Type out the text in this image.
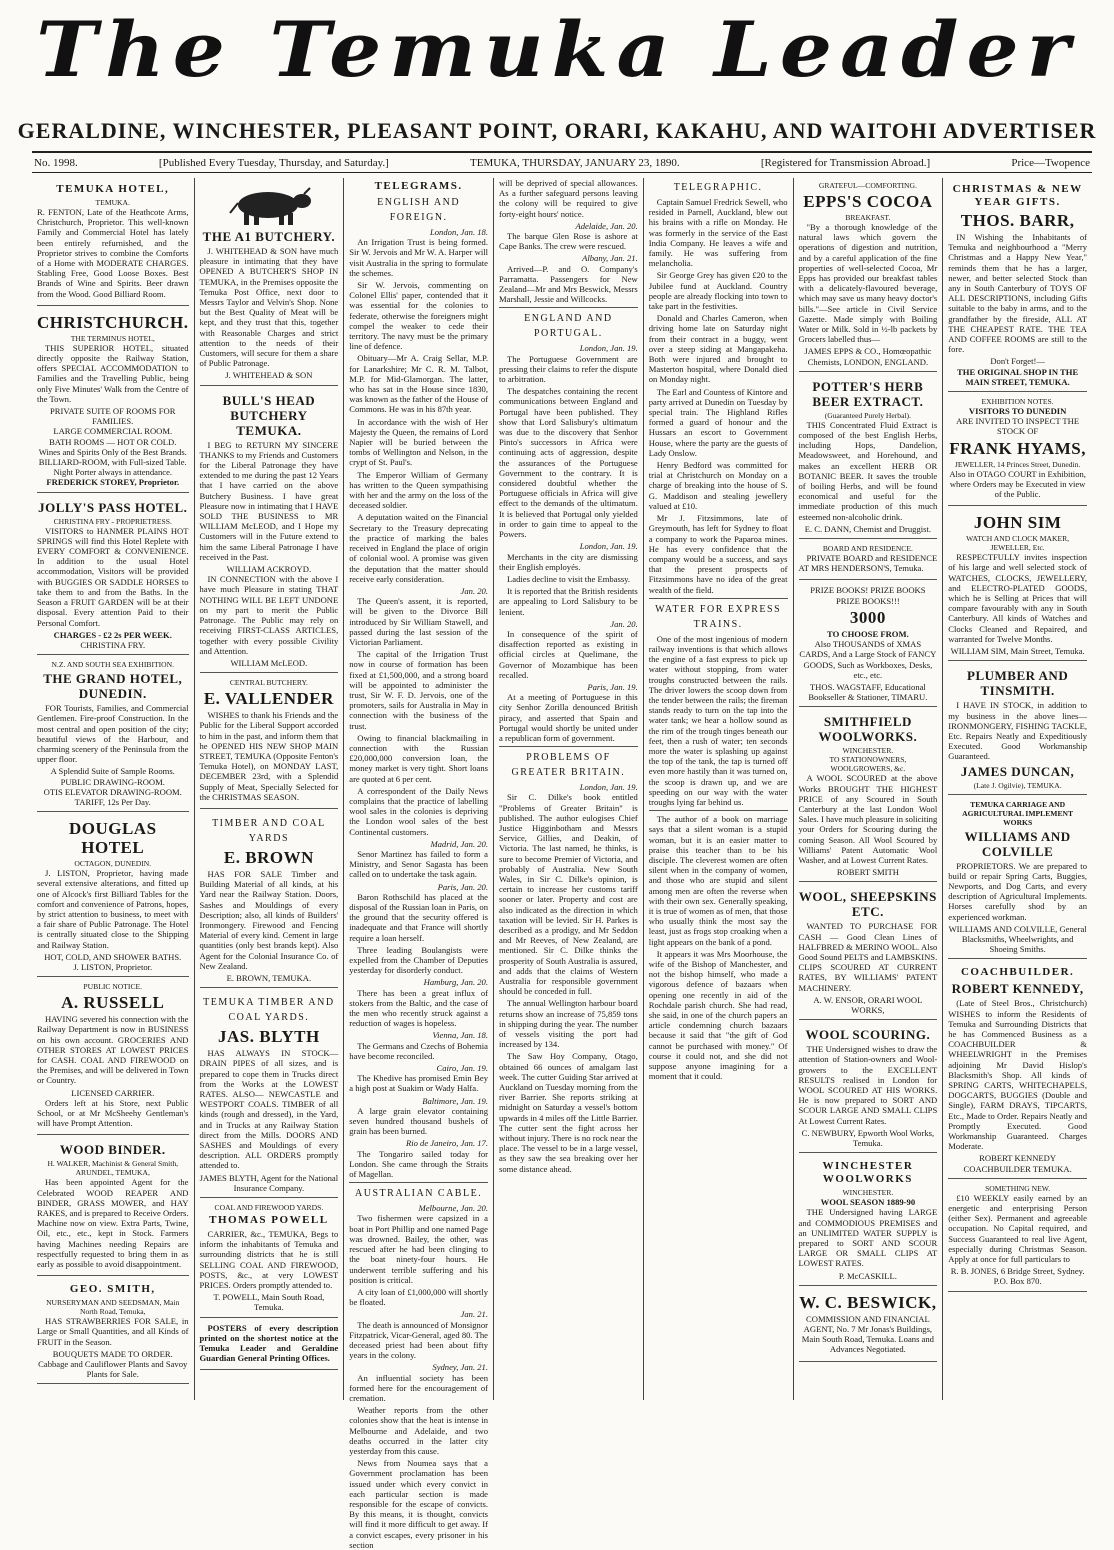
The Temuka Leader
GERALDINE, WINCHESTER, PLEASANT POINT, ORARI, KAKAHU, AND WAITOHI ADVERTISER
No. 1998.	[Published Every Tuesday, Thursday, and Saturday.]	TEMUKA, THURSDAY, JANUARY 23, 1890.	[Registered for Transmission Abroad.]	Price—Twopence
TEMUKA HOTEL,
TEMUKA.

R. FENTON, Late of the Heathcote Arms, Christchurch, Proprietor. This well-known Family and Commercial Hotel has lately been entirely refurnished, and the Proprietor strives to combine the Comforts of a Home with MODERATE CHARGES. Stabling Free, Good Loose Boxes. Best Brands of Wine and Spirits. Beer drawn from the Wood. Good Billiard Room.

CHRISTCHURCH.
THE TERMINUS HOTEL,

THIS SUPERIOR HOTEL, situated directly opposite the Railway Station, offers SPECIAL ACCOMMODATION to Families and the Travelling Public, being only Five Minutes' Walk from the Centre of the Town.

PRIVATE SUITE OF ROOMS FOR FAMILIES.
LARGE COMMERCIAL ROOM.
BATH ROOMS — HOT OR COLD.
Wines and Spirits Only of the Best Brands.
BILLIARD-ROOM, with Full-sized Table. Night Porter always in attendance.
FREDERICK STOREY, Proprietor.
JOLLY'S PASS HOTEL.
CHRISTINA FRY - PROPRIETRESS.

VISITORS to HANMER PLAINS HOT SPRINGS will find this Hotel Replete with EVERY COMFORT & CONVENIENCE. In addition to the usual Hotel accommodation, Visitors will be provided with BUGGIES OR SADDLE HORSES to take them to and from the Baths. In the Season a FRUIT GARDEN will be at their disposal. Every attention Paid to their Personal Comfort.

CHARGES - £2 2s PER WEEK.
CHRISTINA FRY.
N.Z. AND SOUTH SEA EXHIBITION.
THE GRAND HOTEL, DUNEDIN.

FOR Tourists, Families, and Commercial Gentlemen. Fire-proof Construction. In the most central and open position of the city; beautiful views of the Harbour, and charming scenery of the Peninsula from the upper floor.

A Splendid Suite of Sample Rooms.
PUBLIC DRAWING-ROOM.
OTIS ELEVATOR DRAWING-ROOM.
TARIFF, 12s Per Day.
DOUGLAS HOTEL
OCTAGON, DUNEDIN.

J. LISTON, Proprietor, having made several extensive alterations, and fitted up one of Alcock's first Billiard Tables for the comfort and convenience of Patrons, hopes, by strict attention to business, to meet with a fair share of Public Patronage. The Hotel is centrally situated close to the Shipping and Railway Station.

HOT, COLD, AND SHOWER BATHS.
J. LISTON, Proprietor.
PUBLIC NOTICE.
A. RUSSELL

HAVING severed his connection with the Railway Department is now in BUSINESS on his own account. GROCERIES AND OTHER STORES AT LOWEST PRICES for CASH. COAL AND FIREWOOD on the Premises, and will be delivered in Town or Country.

LICENSED CARRIER.

Orders left at his Store, next Public School, or at Mr McSheehy Gentleman's will have Prompt Attention.

WOOD BINDER.
H. WALKER, Machinist & General Smith, ARUNDEL, TEMUKA,

Has been appointed Agent for the Celebrated WOOD REAPER AND BINDER, GRASS MOWER, and HAY RAKES, and is prepared to Receive Orders. Machine now on view. Extra Parts, Twine, Oil, etc., etc., kept in Stock. Farmers having Machines needing Repairs are respectfully requested to bring them in as early as possible to avoid disappointment.

GEO. SMITH,
NURSERYMAN AND SEEDSMAN, Main North Road, Temuka,

HAS STRAWBERRIES FOR SALE, in Large or Small Quantities, and all Kinds of FRUIT in the Season.

BOUQUETS MADE TO ORDER.
Cabbage and Cauliflower Plants and Savoy Plants for Sale.
THE A1 BUTCHERY.

J. WHITEHEAD & SON have much pleasure in intimating that they have OPENED A BUTCHER'S SHOP IN TEMUKA, in the Premises opposite the Temuka Post Office, next door to Messrs Taylor and Velvin's Shop. None but the Best Quality of Meat will be kept, and they trust that this, together with Reasonable Charges and strict attention to the needs of their Customers, will secure for them a share of Public Patronage.

J. WHITEHEAD & SON
BULL'S HEAD BUTCHERY TEMUKA.

I BEG to RETURN MY SINCERE THANKS to my Friends and Customers for the Liberal Patronage they have extended to me during the past 12 Years that I have carried on the above Butchery Business. I have great Pleasure now in intimating that I HAVE SOLD THE BUSINESS to MR WILLIAM McLEOD, and I Hope my Customers will in the Future extend to him the same Liberal Patronage I have received in the Past.

WILLIAM ACKROYD.

IN CONNECTION with the above I have much Pleasure in stating THAT NOTHING WILL BE LEFT UNDONE on my part to merit the Public Patronage. The Public may rely on receiving FIRST-CLASS ARTICLES, together with every possible Civility and Attention.

WILLIAM McLEOD.
CENTRAL BUTCHERY.
E. VALLENDER

WISHES to thank his Friends and the Public for the Liberal Support accorded to him in the past, and inform them that he OPENED HIS NEW SHOP MAIN STREET, TEMUKA (Opposite Fenton's Temuka Hotel), on MONDAY LAST, DECEMBER 23rd, with a Splendid Supply of Meat, Specially Selected for the CHRISTMAS SEASON.

TIMBER AND COAL YARDS
E. BROWN

HAS FOR SALE Timber and Building Material of all kinds, at his Yard near the Railway Station. Doors, Sashes and Mouldings of every Description; also, all kinds of Builders' Ironmongery. Firewood and Fencing Material of every kind. Cement in large quantities (only best brands kept). Also Agent for the Colonial Insurance Co. of New Zealand.

E. BROWN, TEMUKA.
TEMUKA TIMBER AND COAL YARDS.
JAS. BLYTH

HAS ALWAYS IN STOCK— DRAIN PIPES of all sizes, and is prepared to cope them in Trucks direct from the Works at the LOWEST RATES. ALSO— NEWCASTLE and WESTPORT COALS. TIMBER of all kinds (rough and dressed), in the Yard, and in Trucks at any Railway Station direct from the Mills. DOORS AND SASHES and Mouldings of every description. ALL ORDERS promptly attended to.

JAMES BLYTH, Agent for the National Insurance Company.
COAL AND FIREWOOD YARDS.
THOMAS POWELL

CARRIER, &c., TEMUKA, Begs to inform the inhabitants of Temuka and surrounding districts that he is still SELLING COAL AND FIREWOOD, POSTS, &c., at very LOWEST PRICES. Orders promptly attended to.

T. POWELL, Main South Road, Temuka.

POSTERS of every description printed on the shortest notice at the Temuka Leader and Geraldine Guardian General Printing Offices.

TELEGRAMS.
ENGLISH AND FOREIGN.
London, Jan. 18.

An Irrigation Trust is being formed. Sir W. Jervois and Mr W. A. Harper will visit Australia in the spring to formulate the schemes.

Sir W. Jervois, commenting on Colonel Ellis' paper, contended that it was essential for the colonies to federate, otherwise the foreigners might compel the weaker to cede their territory. The navy must be the primary line of defence.

Obituary—Mr A. Craig Sellar, M.P. for Lanarkshire; Mr C. R. M. Talbot, M.P. for Mid-Glamorgan. The latter, who has sat in the House since 1830, was known as the father of the House of Commons. He was in his 87th year.

In accordance with the wish of Her Majesty the Queen, the remains of Lord Napier will be buried between the tombs of Wellington and Nelson, in the crypt of St. Paul's.

The Emperor William of Germany has written to the Queen sympathising with her and the army on the loss of the deceased soldier.

A deputation waited on the Financial Secretary to the Treasury deprecating the practice of marking the bales received in England the place of origin of colonial wool. A promise was given the deputation that the matter should receive early consideration.

Jan. 20.

The Queen's assent, it is reported, will be given to the Divorce Bill introduced by Sir William Stawell, and passed during the last session of the Victorian Parliament.

The capital of the Irrigation Trust now in course of formation has been fixed at £1,500,000, and a strong board will be appointed to administer the trust, Sir W. F. D. Jervois, one of the promoters, sails for Australia in May in connection with the business of the trust.

Owing to financial blackmailing in connection with the Russian £20,000,000 conversion loan, the money market is very tight. Short loans are quoted at 6 per cent.

A correspondent of the Daily News complains that the practice of labelling wool sales in the colonies is depriving the London wool sales of the best Continental customers.

Madrid, Jan. 20.

Senor Martinez has failed to form a Ministry, and Senor Sagasta has been called on to undertake the task again.

Paris, Jan. 20.

Baron Rothschild has placed at the disposal of the Russian loan in Paris, on the ground that the security offered is inadequate and that France will shortly require a loan herself.

Three leading Boulangists were expelled from the Chamber of Deputies yesterday for disorderly conduct.

Hamburg, Jan. 20.

There has been a great influx of stokers from the Baltic, and the case of the men who recently struck against a reduction of wages is hopeless.

Vienna, Jan. 18.

The Germans and Czechs of Bohemia have become reconciled.

Cairo, Jan. 19.

The Khedive has promised Emin Bey a high post at Suakim or Wady Halfa.

Baltimore, Jan. 19.

A large grain elevator containing seven hundred thousand bushels of grain has been burned.

Rio de Janeiro, Jan. 17.

The Tongariro sailed today for London. She came through the Straits of Magellan.

AUSTRALIAN CABLE.
Melbourne, Jan. 20.

Two fishermen were capsized in a boat in Port Phillip and one named Page was drowned. Bailey, the other, was rescued after he had been clinging to the boat ninety-four hours. He underwent terrible suffering and his position is critical.

A city loan of £1,000,000 will shortly be floated.

Jan. 21.

The death is announced of Monsignor Fitzpatrick, Vicar-General, aged 80. The deceased priest had been about fifty years in the colony.

Sydney, Jan. 21.

An influential society has been formed here for the encouragement of cremation.

Weather reports from the other colonies show that the heat is intense in Melbourne and Adelaide, and two deaths occurred in the latter city yesterday from this cause.

News from Noumea says that a Government proclamation has been issued under which every convict in each particular section is made responsible for the escape of convicts. By this means, it is thought, convicts will find it more difficult to get away. If a convict escapes, every prisoner in his section

will be deprived of special allowances. As a further safeguard persons leaving the colony will be required to give forty-eight hours' notice.

Adelaide, Jan. 20.

The barque Glen Rose is ashore at Cape Banks. The crew were rescued.

Albany, Jan. 21.

Arrived—P. and O. Company's Parramatta. Passengers for New Zealand—Mr and Mrs Beswick, Messrs Marshall, Jessie and Willcocks.

ENGLAND AND PORTUGAL.
London, Jan. 19.

The Portuguese Government are pressing their claims to refer the dispute to arbitration.

The despatches containing the recent communications between England and Portugal have been published. They show that Lord Salisbury's ultimatum was due to the discovery that Senhor Pinto's successors in Africa were continuing acts of aggression, despite the assurances of the Portuguese Government to the contrary. It is considered doubtful whether the Portuguese officials in Africa will give effect to the demands of the ultimatum. It is believed that Portugal only yielded in order to gain time to appeal to the Powers.

London, Jan. 19.

Merchants in the city are dismissing their English employés.

Ladies decline to visit the Embassy.

It is reported that the British residents are appealing to Lord Salisbury to be lenient.

Jan. 20.

In consequence of the spirit of disaffection reported as existing in official circles at Quelimane, the Governor of Mozambique has been recalled.

Paris, Jan. 19.

At a meeting of Portuguese in this city Senhor Zorilla denounced British piracy, and asserted that Spain and Portugal would shortly be united under a republican form of government.

PROBLEMS OF GREATER BRITAIN.
London, Jan. 19.

Sir C. Dilke's book entitled "Problems of Greater Britain" is published. The author eulogises Chief Justice Higginbotham and Messrs Service, Gillies, and Deakin, of Victoria. The last named, he thinks, is sure to become Premier of Victoria, and probably of Australia. New South Wales, in Sir C. Dilke's opinion, is certain to increase her customs tariff sooner or later. Property and cost are also indicated as the direction in which taxation will be levied. Sir H. Parkes is described as a prodigy, and Mr Seddon and Mr Reeves, of New Zealand, are mentioned. Sir C. Dilke thinks the prosperity of South Australia is assured, and adds that the claims of Western Australia for responsible government should be conceded in full.

The annual Wellington harbour board returns show an increase of 75,859 tons in shipping during the year. The number of vessels visiting the port had increased by 134.

The Saw Hoy Company, Otago, obtained 66 ounces of amalgam last week. The cutter Guiding Star arrived at Auckland on Tuesday morning from the river Barrier. She reports striking at midnight on Saturday a vessel's bottom upwards in 4 miles off the Little Barrier. The cutter sent the fight across her without injury. There is no rock near the place. The vessel to be in a large vessel, as they saw the sea breaking over her some distance ahead.

TELEGRAPHIC.

Captain Samuel Fredrick Sewell, who resided in Parnell, Auckland, blew out his brains with a rifle on Monday. He was formerly in the service of the East India Company. He leaves a wife and family. He was suffering from melancholia.

Sir George Grey has given £20 to the Jubilee fund at Auckland. Country people are already flocking into town to take part in the festivities.

Donald and Charles Cameron, when driving home late on Saturday night from their contract in a buggy, went over a steep siding at Mangapakeha. Both were injured and brought to Masterton hospital, where Donald died on Monday night.

The Earl and Countess of Kintore and party arrived at Dunedin on Tuesday by special train. The Highland Rifles formed a guard of honour and the Hussars an escort to Government House, where the party are the guests of Lady Onslow.

Henry Bedford was committed for trial at Christchurch on Monday on a charge of breaking into the house of S. G. Maddison and stealing jewellery valued at £10.

Mr J. Fitzsimmons, late of Greymouth, has left for Sydney to float a company to work the Paparoa mines. He has every confidence that the company would be a success, and says that the present prospects of Fitzsimmons have no idea of the great wealth of the field.

WATER FOR EXPRESS TRAINS.

One of the most ingenious of modern railway inventions is that which allows the engine of a fast express to pick up water without stopping, from water troughs constructed between the rails. The driver lowers the scoop down from the tender between the rails; the fireman stands ready to turn on the tap into the water tank; we hear a hollow sound as the rim of the trough tinges beneath our feet, then a rush of water; ten seconds more the water is splashing up against the top of the tank, the tap is turned off even more hastily than it was turned on, the scoop is drawn up, and we are speeding on our way with the water troughs lying far behind us.

The author of a book on marriage says that a silent woman is a stupid woman, but it is an easier matter to praise this teacher than to be his disciple. The cleverest women are often silent when in the company of women, and those who are stupid and silent among men are often the reverse when with their own sex. Generally speaking, it is true of women as of men, that those who usually think the most say the least, just as frogs stop croaking when a light appears on the bank of a pond.

It appears it was Mrs Moorhouse, the wife of the Bishop of Manchester, and not the bishop himself, who made a vigorous defence of bazaars when opening one recently in aid of the Rochdale parish church. She had read, she said, in one of the church papers an article condemning church bazaars because it said that "the gift of God cannot be purchased with money." Of course it could not, and she did not suppose anyone imagining for a moment that it could.

GRATEFUL—COMFORTING.
EPPS'S COCOA
BREAKFAST.

"By a thorough knowledge of the natural laws which govern the operations of digestion and nutrition, and by a careful application of the fine properties of well-selected Cocoa, Mr Epps has provided our breakfast tables with a delicately-flavoured beverage, which may save us many heavy doctor's bills."—See article in Civil Service Gazette. Made simply with Boiling Water or Milk. Sold in ½-lb packets by Grocers labelled thus—

JAMES EPPS & CO., Homœopathic Chemists, LONDON, ENGLAND.
POTTER'S HERB BEER EXTRACT.
(Guaranteed Purely Herbal).

THIS Concentrated Fluid Extract is composed of the best English Herbs, including Hops, Dandelion, Meadowsweet, and Horehound, and makes an excellent HERB OR BOTANIC BEER. It saves the trouble of boiling Herbs, and will be found economical and useful for the immediate production of this much esteemed non-alcoholic drink.

E. C. DANN, Chemist and Druggist.
BOARD AND RESIDENCE.

PRIVATE BOARD and RESIDENCE AT MRS HENDERSON'S, Temuka.

PRIZE BOOKS! PRIZE BOOKS PRIZE BOOKS!!!
3000
TO CHOOSE FROM.

Also THOUSANDS of XMAS CARDS, And a Large Stock of FANCY GOODS, Such as Workboxes, Desks, etc., etc.

THOS. WAGSTAFF, Educational Bookseller & Stationer, TIMARU.
SMITHFIELD WOOLWORKS.
WINCHESTER.
TO STATIONOWNERS, WOOLGROWERS, &c.

A WOOL SCOURED at the above Works BROUGHT THE HIGHEST PRICE of any Scoured in South Canterbury at the last London Wool Sales. I have much pleasure in soliciting your Orders for Scouring during the coming Season. All Wool Scoured by Williams' Patent Automatic Wool Washer, and at Lowest Current Rates.

ROBERT SMITH
WOOL, SHEEPSKINS ETC.

WANTED TO PURCHASE FOR CASH — Good Clean Lines of HALFBRED & MERINO WOOL. Also Good Sound PELTS and LAMBSKINS. CLIPS SCOURED AT CURRENT RATES, BY WILLIAMS' PATENT MACHINERY.

A. W. ENSOR, ORARI WOOL WORKS,
WOOL SCOURING.

THE Undersigned wishes to draw the attention of Station-owners and Wool-growers to the EXCELLENT RESULTS realised in London for WOOL SCOURED AT HIS WORKS. He is now prepared to SORT AND SCOUR LARGE AND SMALL CLIPS At Lowest Current Rates.

C. NEWBURY, Epworth Wool Works, Temuka.
WINCHESTER WOOLWORKS
WINCHESTER.
WOOL SEASON 1889-90

THE Undersigned having LARGE and COMMODIOUS PREMISES and an UNLIMITED WATER SUPPLY is prepared to SORT AND SCOUR LARGE OR SMALL CLIPS AT LOWEST RATES.

P. McCASKILL.
W. C. BESWICK,

COMMISSION AND FINANCIAL AGENT, No. 7 Mr Jonas's Buildings, Main South Road, Temuka. Loans and Advances Negotiated.

CHRISTMAS & NEW YEAR GIFTS.
THOS. BARR,

IN Wishing the Inhabitants of Temuka and neighbourhood a "Merry Christmas and a Happy New Year," reminds them that he has a larger, newer, and better selected Stock than any in South Canterbury of TOYS OF ALL DESCRIPTIONS, including Gifts suitable to the baby in arms, and to the grandfather by the fireside, ALL AT THE CHEAPEST RATE. THE TEA AND COFFEE ROOMS are still to the fore.

Don't Forget!—
THE ORIGINAL SHOP IN THE MAIN STREET, TEMUKA.
EXHIBITION NOTES.
VISITORS TO DUNEDIN
ARE INVITED TO INSPECT THE STOCK OF
FRANK HYAMS,
JEWELLER, 14 Princes Street, Dunedin.

Also in OTAGO COURT in Exhibition, where Orders may be Executed in view of the Public.

JOHN SIM
WATCH AND CLOCK MAKER, JEWELLER, Etc.

RESPECTFULLY invites inspection of his large and well selected stock of WATCHES, CLOCKS, JEWELLERY, and ELECTRO-PLATED GOODS, which he is Selling at Prices that will compare favourably with any in South Canterbury. All kinds of Watches and Clocks Cleaned and Repaired, and warranted for Twelve Months.

WILLIAM SIM, Main Street, Temuka.
PLUMBER AND TINSMITH.

I HAVE IN STOCK, in addition to my business in the above lines—IRONMONGERY, FISHING TACKLE, Etc. Repairs Neatly and Expeditiously Executed. Good Workmanship Guaranteed.

JAMES DUNCAN,
(Late J. Ogilvie), TEMUKA.
TEMUKA CARRIAGE AND AGRICULTURAL IMPLEMENT WORKS
WILLIAMS AND COLVILLE

PROPRIETORS. We are prepared to build or repair Spring Carts, Buggies, Newports, and Dog Carts, and every description of Agricultural Implements. Horses carefully shod by an experienced workman.

WILLIAMS AND COLVILLE, General Blacksmiths, Wheelwrights, and Shoeing Smiths.
COACHBUILDER.
ROBERT KENNEDY,

(Late of Steel Bros., Christchurch) WISHES to inform the Residents of Temuka and Surrounding Districts that he has Commenced Business as a COACHBUILDER & WHEELWRIGHT in the Premises adjoining Mr David Hislop's Blacksmith's Shop. All kinds of SPRING CARTS, WHITECHAPELS, DOGCARTS, BUGGIES (Double and Single), FARM DRAYS, TIPCARTS, Etc., Made to Order. Repairs Neatly and Promptly Executed. Good Workmanship Guaranteed. Charges Moderate.

ROBERT KENNEDY COACHBUILDER TEMUKA.
SOMETHING NEW.

£10 WEEKLY easily earned by an energetic and enterprising Person (either Sex). Permanent and agreeable occupation. No Capital required, and Success Guaranteed to real live Agent, especially during Christmas Season. Apply at once for full particulars to

R. B. JONES, 6 Bridge Street, Sydney. P.O. Box 870.
